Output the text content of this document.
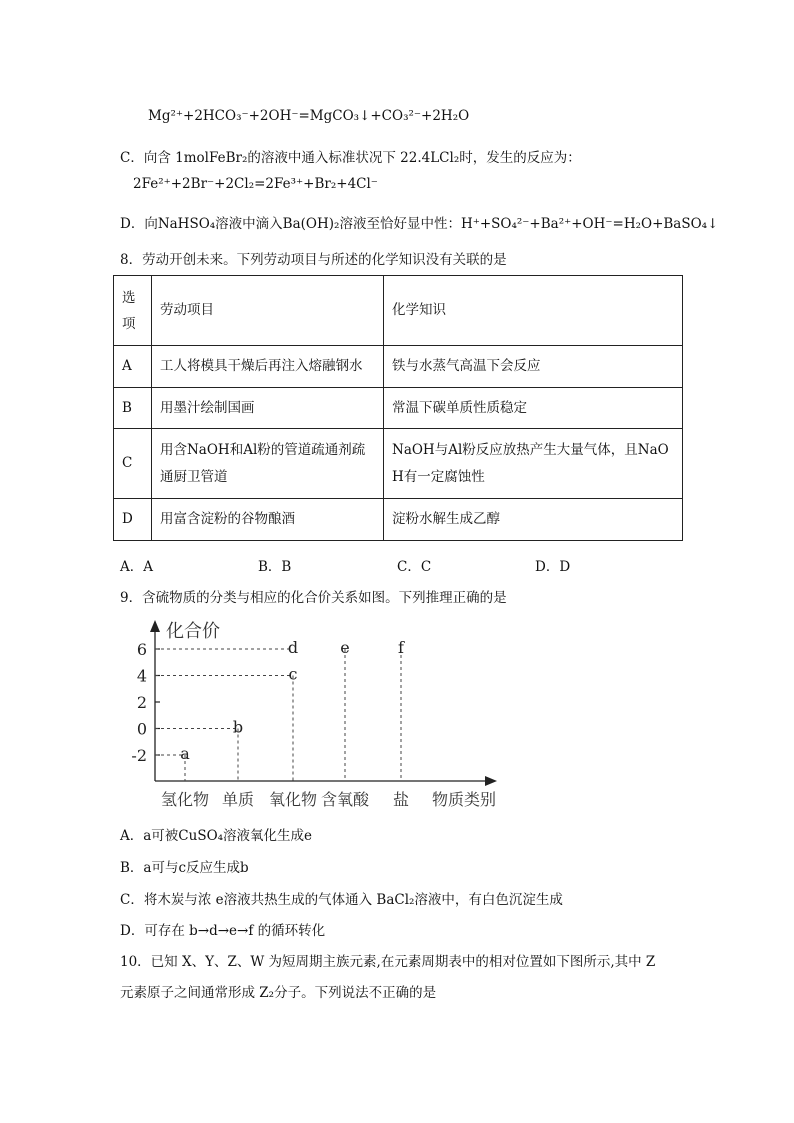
Mg²⁺+2HCO₃⁻+2OH⁻=MgCO₃↓+CO₃²⁻+2H₂O
C．向含 1molFeBr₂的溶液中通入标准状况下 22.4LCl₂时，发生的反应为：
2Fe²⁺+2Br⁻+2Cl₂=2Fe³⁺+Br₂+4Cl⁻
D．向NaHSO₄溶液中滴入Ba(OH)₂溶液至恰好显中性：H⁺+SO₄²⁻+Ba²⁺+OH⁻=H₂O+BaSO₄↓
8．劳动开创未来。下列劳动项目与所述的化学知识没有关联的是
选项	劳动项目	化学知识
A	工人将模具干燥后再注入熔融钢水	铁与水蒸气高温下会反应
B	用墨汁绘制国画	常温下碳单质性质稳定
C	用含NaOH和Al粉的管道疏通剂疏通厨卫管道	NaOH与Al粉反应放热产生大量气体，且NaOH有一定腐蚀性
D	用富含淀粉的谷物酿酒	淀粉水解生成乙醇
A．A	B．B	C．C	D．D
9．含硫物质的分类与相应的化合价关系如图。下列推理正确的是
化合价
6
4
2
0
-2
氢化物 单质 氧化物 含氧酸 盐 物质类别
a
b
c
d	e	f
A．a可被CuSO₄溶液氧化生成e
B．a可与c反应生成b
C．将木炭与浓 e溶液共热生成的气体通入 BaCl₂溶液中，有白色沉淀生成
D．可存在 b→d→e→f 的循环转化
10．已知 X、Y、Z、W 为短周期主族元素,在元素周期表中的相对位置如下图所示,其中 Z
元素原子之间通常形成 Z₂分子。下列说法不正确的是
